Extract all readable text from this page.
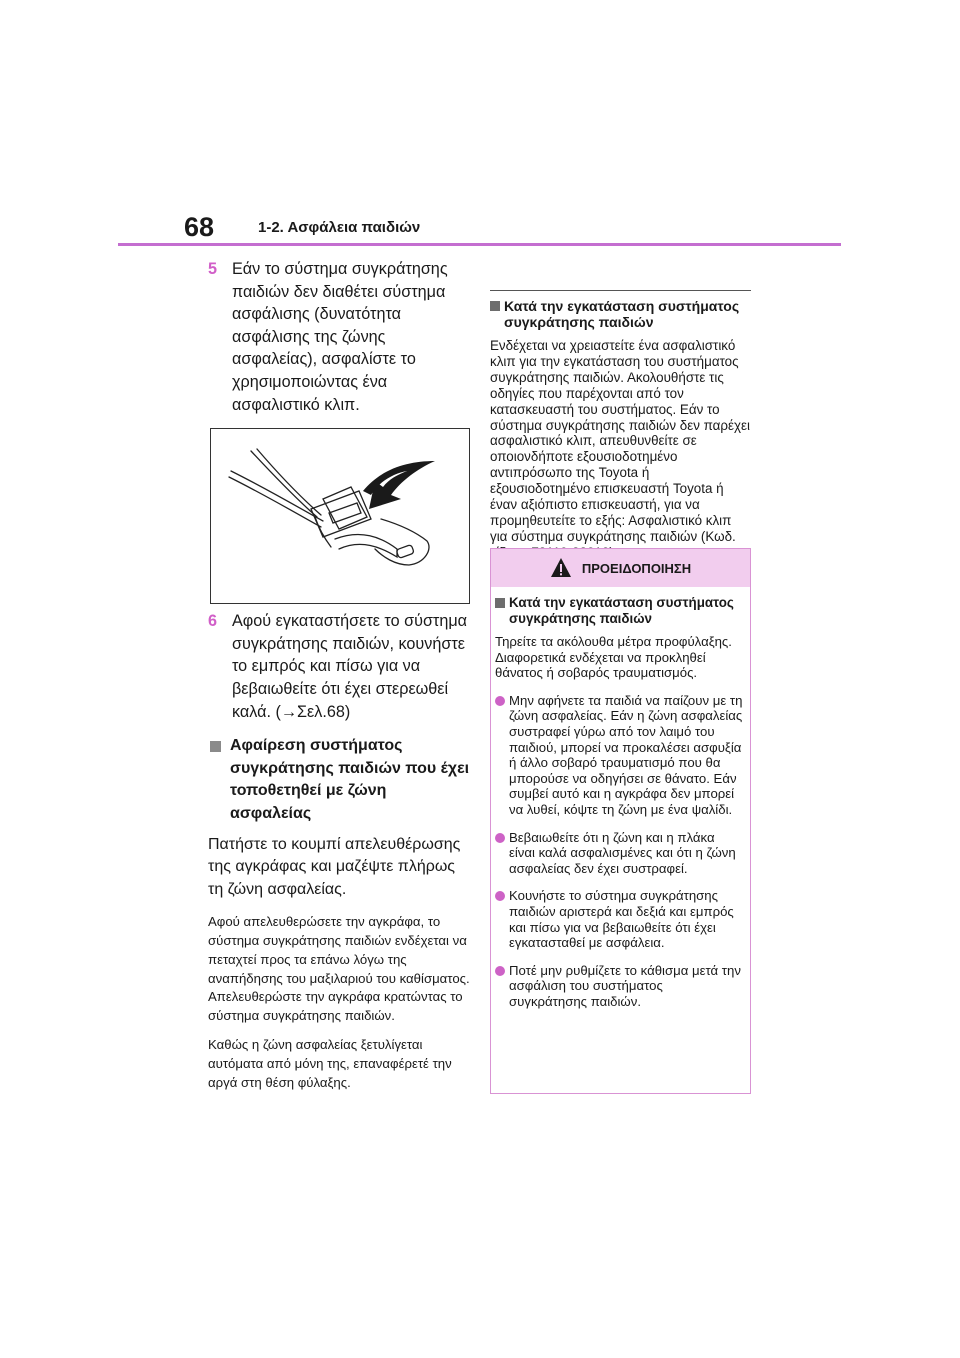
68	1-2. Ασφάλεια παιδιών
5 Εάν το σύστημα συγκράτησης παιδιών δεν διαθέτει σύστημα ασφάλισης (δυνατότητα ασφάλισης της ζώνης ασφαλείας), ασφαλίστε το χρησιμοποιώντας ένα ασφαλιστικό κλιπ.
6 Αφού εγκαταστήσετε το σύστημα συγκράτησης παιδιών, κουνήστε το εμπρός και πίσω για να βεβαιωθείτε ότι έχει στερεωθεί καλά. (→Σελ.68)
Αφαίρεση συστήματος συγκράτησης παιδιών που έχει τοποθετηθεί με ζώνη ασφαλείας
Πατήστε το κουμπί απελευθέρωσης της αγκράφας και μαζέψτε πλήρως τη ζώνη ασφαλείας.
Αφού απελευθερώσετε την αγκράφα, το σύστημα συγκράτησης παιδιών ενδέχεται να πεταχτεί προς τα επάνω λόγω της αναπήδησης του μαξιλαριού του καθίσματος. Απελευθερώστε την αγκράφα κρατώντας το σύστημα συγκράτησης παιδιών.
Καθώς η ζώνη ασφαλείας ξετυλίγεται αυτόματα από μόνη της, επαναφέρετέ την αργά στη θέση φύλαξης.
Κατά την εγκατάσταση συστήματος συγκράτησης παιδιών
Ενδέχεται να χρειαστείτε ένα ασφαλιστικό κλιπ για την εγκατάσταση του συστήματος συγκράτησης παιδιών. Ακολουθήστε τις οδηγίες που παρέχονται από τον κατασκευαστή του συστήματος. Εάν το σύστημα συγκράτησης παιδιών δεν παρέχει ασφαλιστικό κλιπ, απευθυνθείτε σε οποιονδήποτε εξουσιοδοτημένο αντιπρόσωπο της Toyota ή εξουσιοδοτημένο επισκευαστή Toyota ή έναν αξιόπιστο επισκευαστή, για να προμηθευτείτε το εξής: Ασφαλιστικό κλιπ για σύστημα συγκράτησης παιδιών (Κωδ.
ΠΡΟΕΙΔΟΠΟΙΗΣΗ
Κατά την εγκατάσταση συστήματος συγκράτησης παιδιών
Τηρείτε τα ακόλουθα μέτρα προφύλαξης.
Διαφορετικά ενδέχεται να προκληθεί θάνατος ή σοβαρός τραυματισμός.
Μην αφήνετε τα παιδιά να παίζουν με τη ζώνη ασφαλείας. Εάν η ζώνη ασφαλείας συστραφεί γύρω από τον λαιμό του παιδιού, μπορεί να προκαλέσει ασφυξία ή άλλο σοβαρό τραυματισμό που θα μπορούσε να οδηγήσει σε θάνατο. Εάν συμβεί αυτό και η αγκράφα δεν μπορεί να λυθεί, κόψτε τη ζώνη με ένα ψαλίδι.
Βεβαιωθείτε ότι η ζώνη και η πλάκα είναι καλά ασφαλισμένες και ότι η ζώνη ασφαλείας δεν έχει συστραφεί.
Κουνήστε το σύστημα συγκράτησης παιδιών αριστερά και δεξιά και εμπρός και πίσω για να βεβαιωθείτε ότι έχει εγκατασταθεί με ασφάλεια.
Ποτέ μην ρυθμίζετε το κάθισμα μετά την ασφάλιση του συστήματος συγκράτησης παιδιών.
